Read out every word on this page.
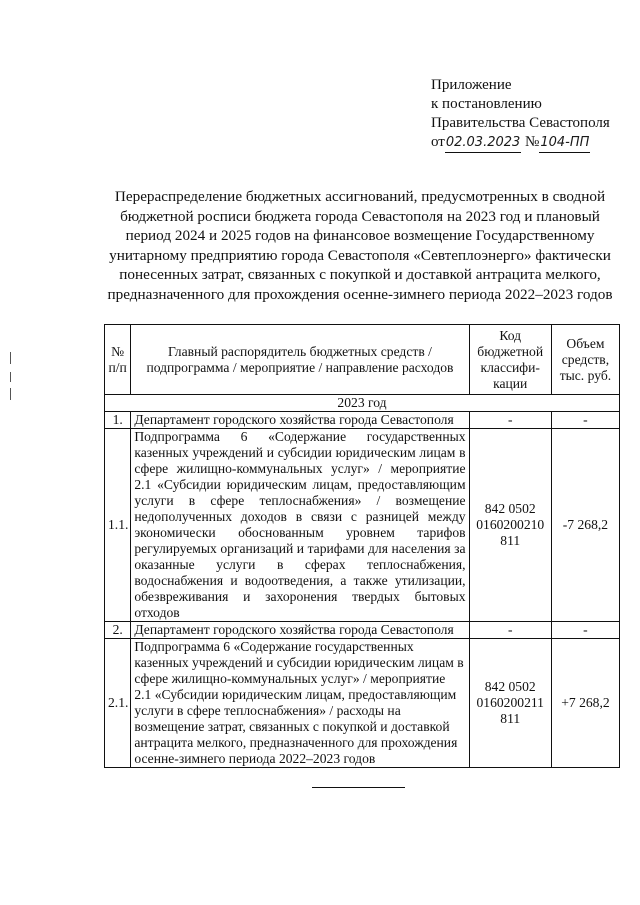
Приложение
к постановлению
Правительства Севастополя
от02.03.2023 №104-ПП
Перераспределение бюджетных ассигнований, предусмотренных в сводной бюджетной росписи бюджета города Севастополя на 2023 год и плановый период 2024 и 2025 годов на финансовое возмещение Государственному унитарному предприятию города Севастополя «Севтеплоэнерго» фактически понесенных затрат, связанных с покупкой и доставкой антрацита мелкого, предназначенного для прохождения осенне-зимнего периода 2022–2023 годов
№ п/п	Главный распорядитель бюджетных средств / подпрограмма / мероприятие / направление расходов	Код бюджетной классифи-кации	Объем средств, тыс. руб.
2023 год			
1.	Департамент городского хозяйства города Севастополя	-	-
1.1.	Подпрограмма 6 «Содержание государственных казенных учреждений и субсидии юридическим лицам в сфере жилищно-коммунальных услуг» / мероприятие 2.1 «Субсидии юридическим лицам, предоставляющим услуги в сфере теплоснабжения» / возмещение недополученных доходов в связи с разницей между экономически обоснованным уровнем тарифов регулируемых организаций и тарифами для населения за оказанные услуги в сферах теплоснабжения, водоснабжения и водоотведения, а также утилизации, обезвреживания и захоронения твердых бытовых отходов	842 0502 0160200210 811	-7 268,2
2.	Департамент городского хозяйства города Севастополя	-	-
2.1.	Подпрограмма 6 «Содержание государственных казенных учреждений и субсидии юридическим лицам в сфере жилищно-коммунальных услуг» / мероприятие 2.1 «Субсидии юридическим лицам, предоставляющим услуги в сфере теплоснабжения» / расходы на возмещение затрат, связанных с покупкой и доставкой антрацита мелкого, предназначенного для прохождения осенне-зимнего периода 2022–2023 годов	842 0502 0160200211 811	+7 268,2
